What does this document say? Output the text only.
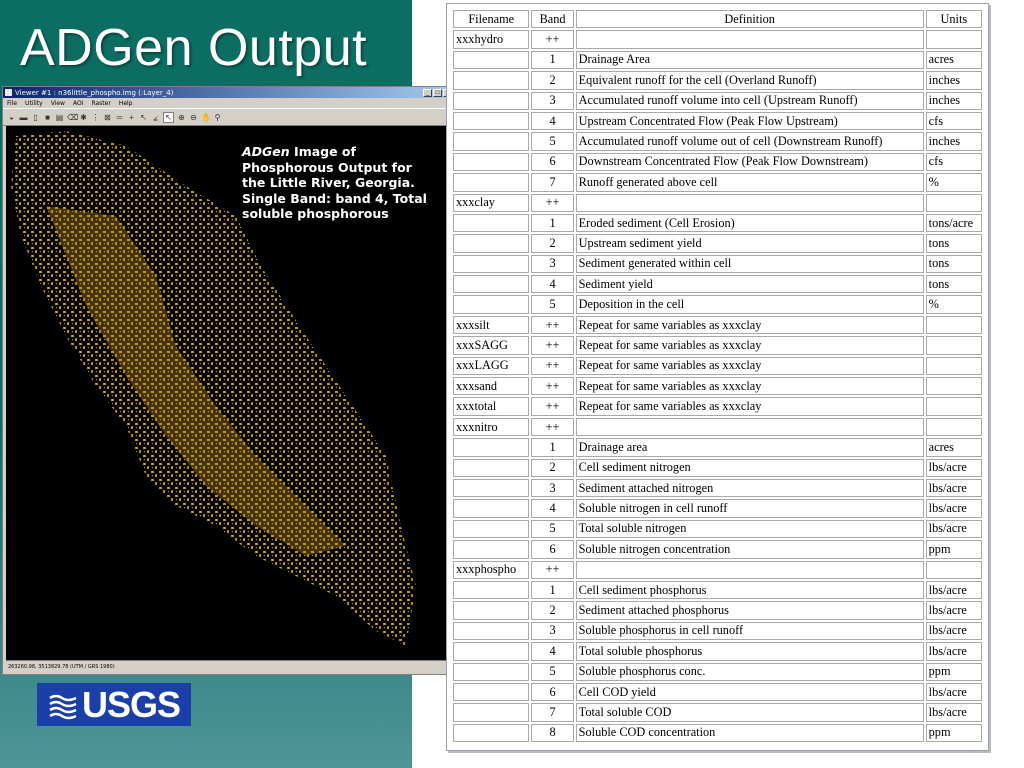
ADGen Output
Viewer #1 : n36little_phospho.img (:Layer_4)	_	□
File Utility View AOI Raster Help
◒ ▬ ▯ ■ ▤ ⌫ ✱ ⋮ ⊠ ═ + ↖ ⦤ ↖ ⊕ ⊖ ✋ ⚲
ADGen Image of Phosphorous Output for the Little River, Georgia. Single Band: band 4, Total soluble phosphorous
263260.98, 3513829.78 (UTM / GRS 1980)
USGS
Filename	Band	Definition	Units
xxxhydro	++		
	1	Drainage Area	acres
	2	Equivalent runoff for the cell (Overland Runoff)	inches
	3	Accumulated runoff volume into cell (Upstream Runoff)	inches
	4	Upstream Concentrated Flow (Peak Flow Upstream)	cfs
	5	Accumulated runoff volume out of cell (Downstream Runoff)	inches
	6	Downstream Concentrated Flow (Peak Flow Downstream)	cfs
	7	Runoff generated above cell	%
xxxclay	++		
	1	Eroded sediment (Cell Erosion)	tons/acre
	2	Upstream sediment yield	tons
	3	Sediment generated within cell	tons
	4	Sediment yield	tons
	5	Deposition in the cell	%
xxxsilt	++	Repeat for same variables as xxxclay	
xxxSAGG	++	Repeat for same variables as xxxclay	
xxxLAGG	++	Repeat for same variables as xxxclay	
xxxsand	++	Repeat for same variables as xxxclay	
xxxtotal	++	Repeat for same variables as xxxclay	
xxxnitro	++		
	1	Drainage area	acres
	2	Cell sediment nitrogen	lbs/acre
	3	Sediment attached nitrogen	lbs/acre
	4	Soluble nitrogen in cell runoff	lbs/acre
	5	Total soluble nitrogen	lbs/acre
	6	Soluble nitrogen concentration	ppm
xxxphospho	++		
	1	Cell sediment phosphorus	lbs/acre
	2	Sediment attached phosphorus	lbs/acre
	3	Soluble phosphorus in cell runoff	lbs/acre
	4	Total soluble phosphorus	lbs/acre
	5	Soluble phosphorus conc.	ppm
	6	Cell COD yield	lbs/acre
	7	Total soluble COD	lbs/acre
	8	Soluble COD concentration	ppm
